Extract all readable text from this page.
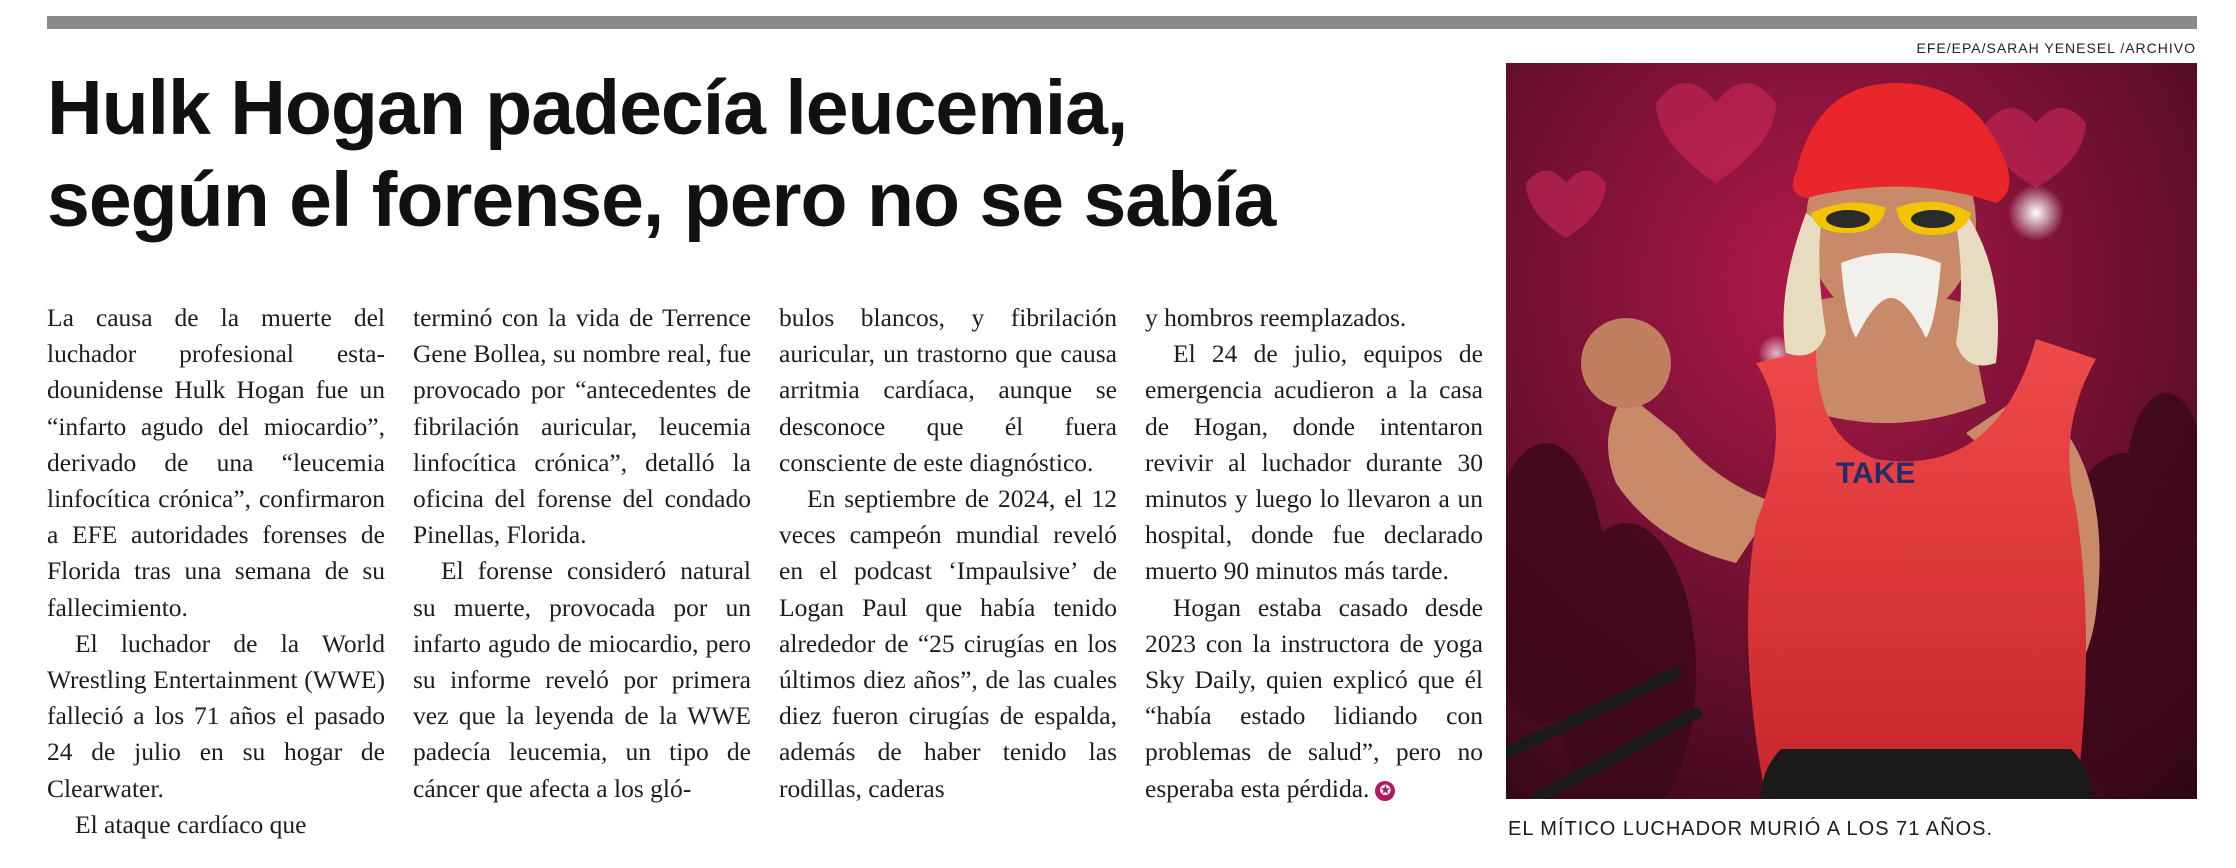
Hulk Hogan padecía leucemia,
según el forense, pero no se sabía

La causa de la muerte del luchador profesional estadounidense Hulk Hogan fue un “infarto agudo del miocardio”, derivado de una “leucemia linfocítica crónica”, confirmaron a EFE autoridades forenses de Florida tras una semana de su fallecimiento.

El luchador de la World Wrestling Entertainment (WWE) falleció a los 71 años el pasado 24 de julio en su hogar de Clearwater.

El ataque cardíaco que

terminó con la vida de Terrence Gene Bollea, su nombre real, fue provocado por “antecedentes de fibrilación auricular, leucemia linfocítica crónica”, detalló la oficina del forense del condado Pinellas, Florida.

El forense consideró natural su muerte, provocada por un infarto agudo de miocardio, pero su informe reveló por primera vez que la leyenda de la WWE padecía leucemia, un tipo de cáncer que afecta a los gló-

bulos blancos, y fibrilación auricular, un trastorno que causa arritmia cardíaca, aunque se desconoce que él fuera consciente de este diagnóstico.

En septiembre de 2024, el 12 veces campeón mundial reveló en el podcast ‘Impaulsive’ de Logan Paul que había tenido alrededor de “25 cirugías en los últimos diez años”, de las cuales diez fueron cirugías de espalda, además de haber tenido las rodillas, caderas

y hombros reemplazados.

El 24 de julio, equipos de emergencia acudieron a la casa de Hogan, donde intentaron revivir al luchador durante 30 minutos y luego lo llevaron a un hospital, donde fue declarado muerto 90 minutos más tarde.

Hogan estaba casado desde 2023 con la instructora de yoga Sky Daily, quien explicó que él “había estado lidiando con problemas de salud”, pero no esperaba esta pérdida. ✪

EFE/EPA/SARAH YENESEL /ARCHIVO
TAKE
EL MÍTICO LUCHADOR MURIÓ A LOS 71 AÑOS.
